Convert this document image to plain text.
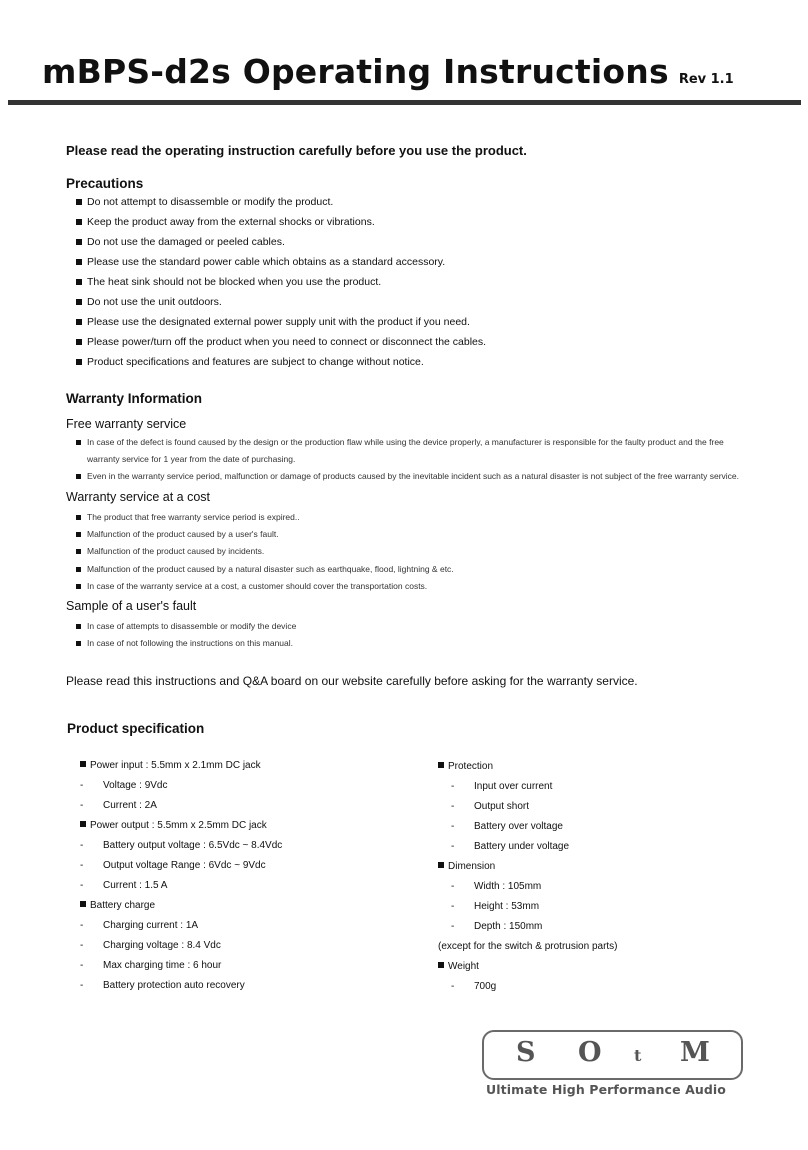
mBPS-d2s Operating Instructions Rev 1.1
Please read the operating instruction carefully before you use the product.
Precautions
Do not attempt to disassemble or modify the product.
Keep the product away from the external shocks or vibrations.
Do not use the damaged or peeled cables.
Please use the standard power cable which obtains as a standard accessory.
The heat sink should not be blocked when you use the product.
Do not use the unit outdoors.
Please use the designated external power supply unit with the product if you need.
Please power/turn off the product when you need to connect or disconnect the cables.
Product specifications and features are subject to change without notice.
Warranty Information
Free warranty service
In case of the defect is found caused by the design or the production flaw while using the device properly, a manufacturer is responsible for the faulty product and the free warranty service for 1 year from the date of purchasing.
Even in the warranty service period, malfunction or damage of products caused by the inevitable incident such as a natural disaster is not subject of the free warranty service.
Warranty service at a cost
The product that free warranty service period is expired..
Malfunction of the product caused by a user's fault.
Malfunction of the product caused by incidents.
Malfunction of the product caused by a natural disaster such as earthquake, flood, lightning & etc.
In case of the warranty service at a cost, a customer should cover the transportation costs.
Sample of a user's fault
In case of attempts to disassemble or modify the device
In case of not following the instructions on this manual.
Please read this instructions and Q&A board on our website carefully before asking for the warranty service.
Product specification
Power input : 5.5mm x 2.1mm DC jack
- Voltage : 9Vdc
- Current : 2A
Power output : 5.5mm x 2.5mm DC jack
- Battery output voltage : 6.5Vdc ~ 8.4Vdc
- Output voltage Range : 6Vdc ~ 9Vdc
- Current : 1.5 A
Battery charge
- Charging current : 1A
- Charging voltage : 8.4 Vdc
- Max charging time : 6 hour
- Battery protection auto recovery
Protection
- Input over current
- Output short
- Battery over voltage
- Battery under voltage
Dimension
- Width : 105mm
- Height : 53mm
- Depth : 150mm
(except for the switch & protrusion parts)
Weight
- 700g
S O t M
Ultimate High Performance Audio
